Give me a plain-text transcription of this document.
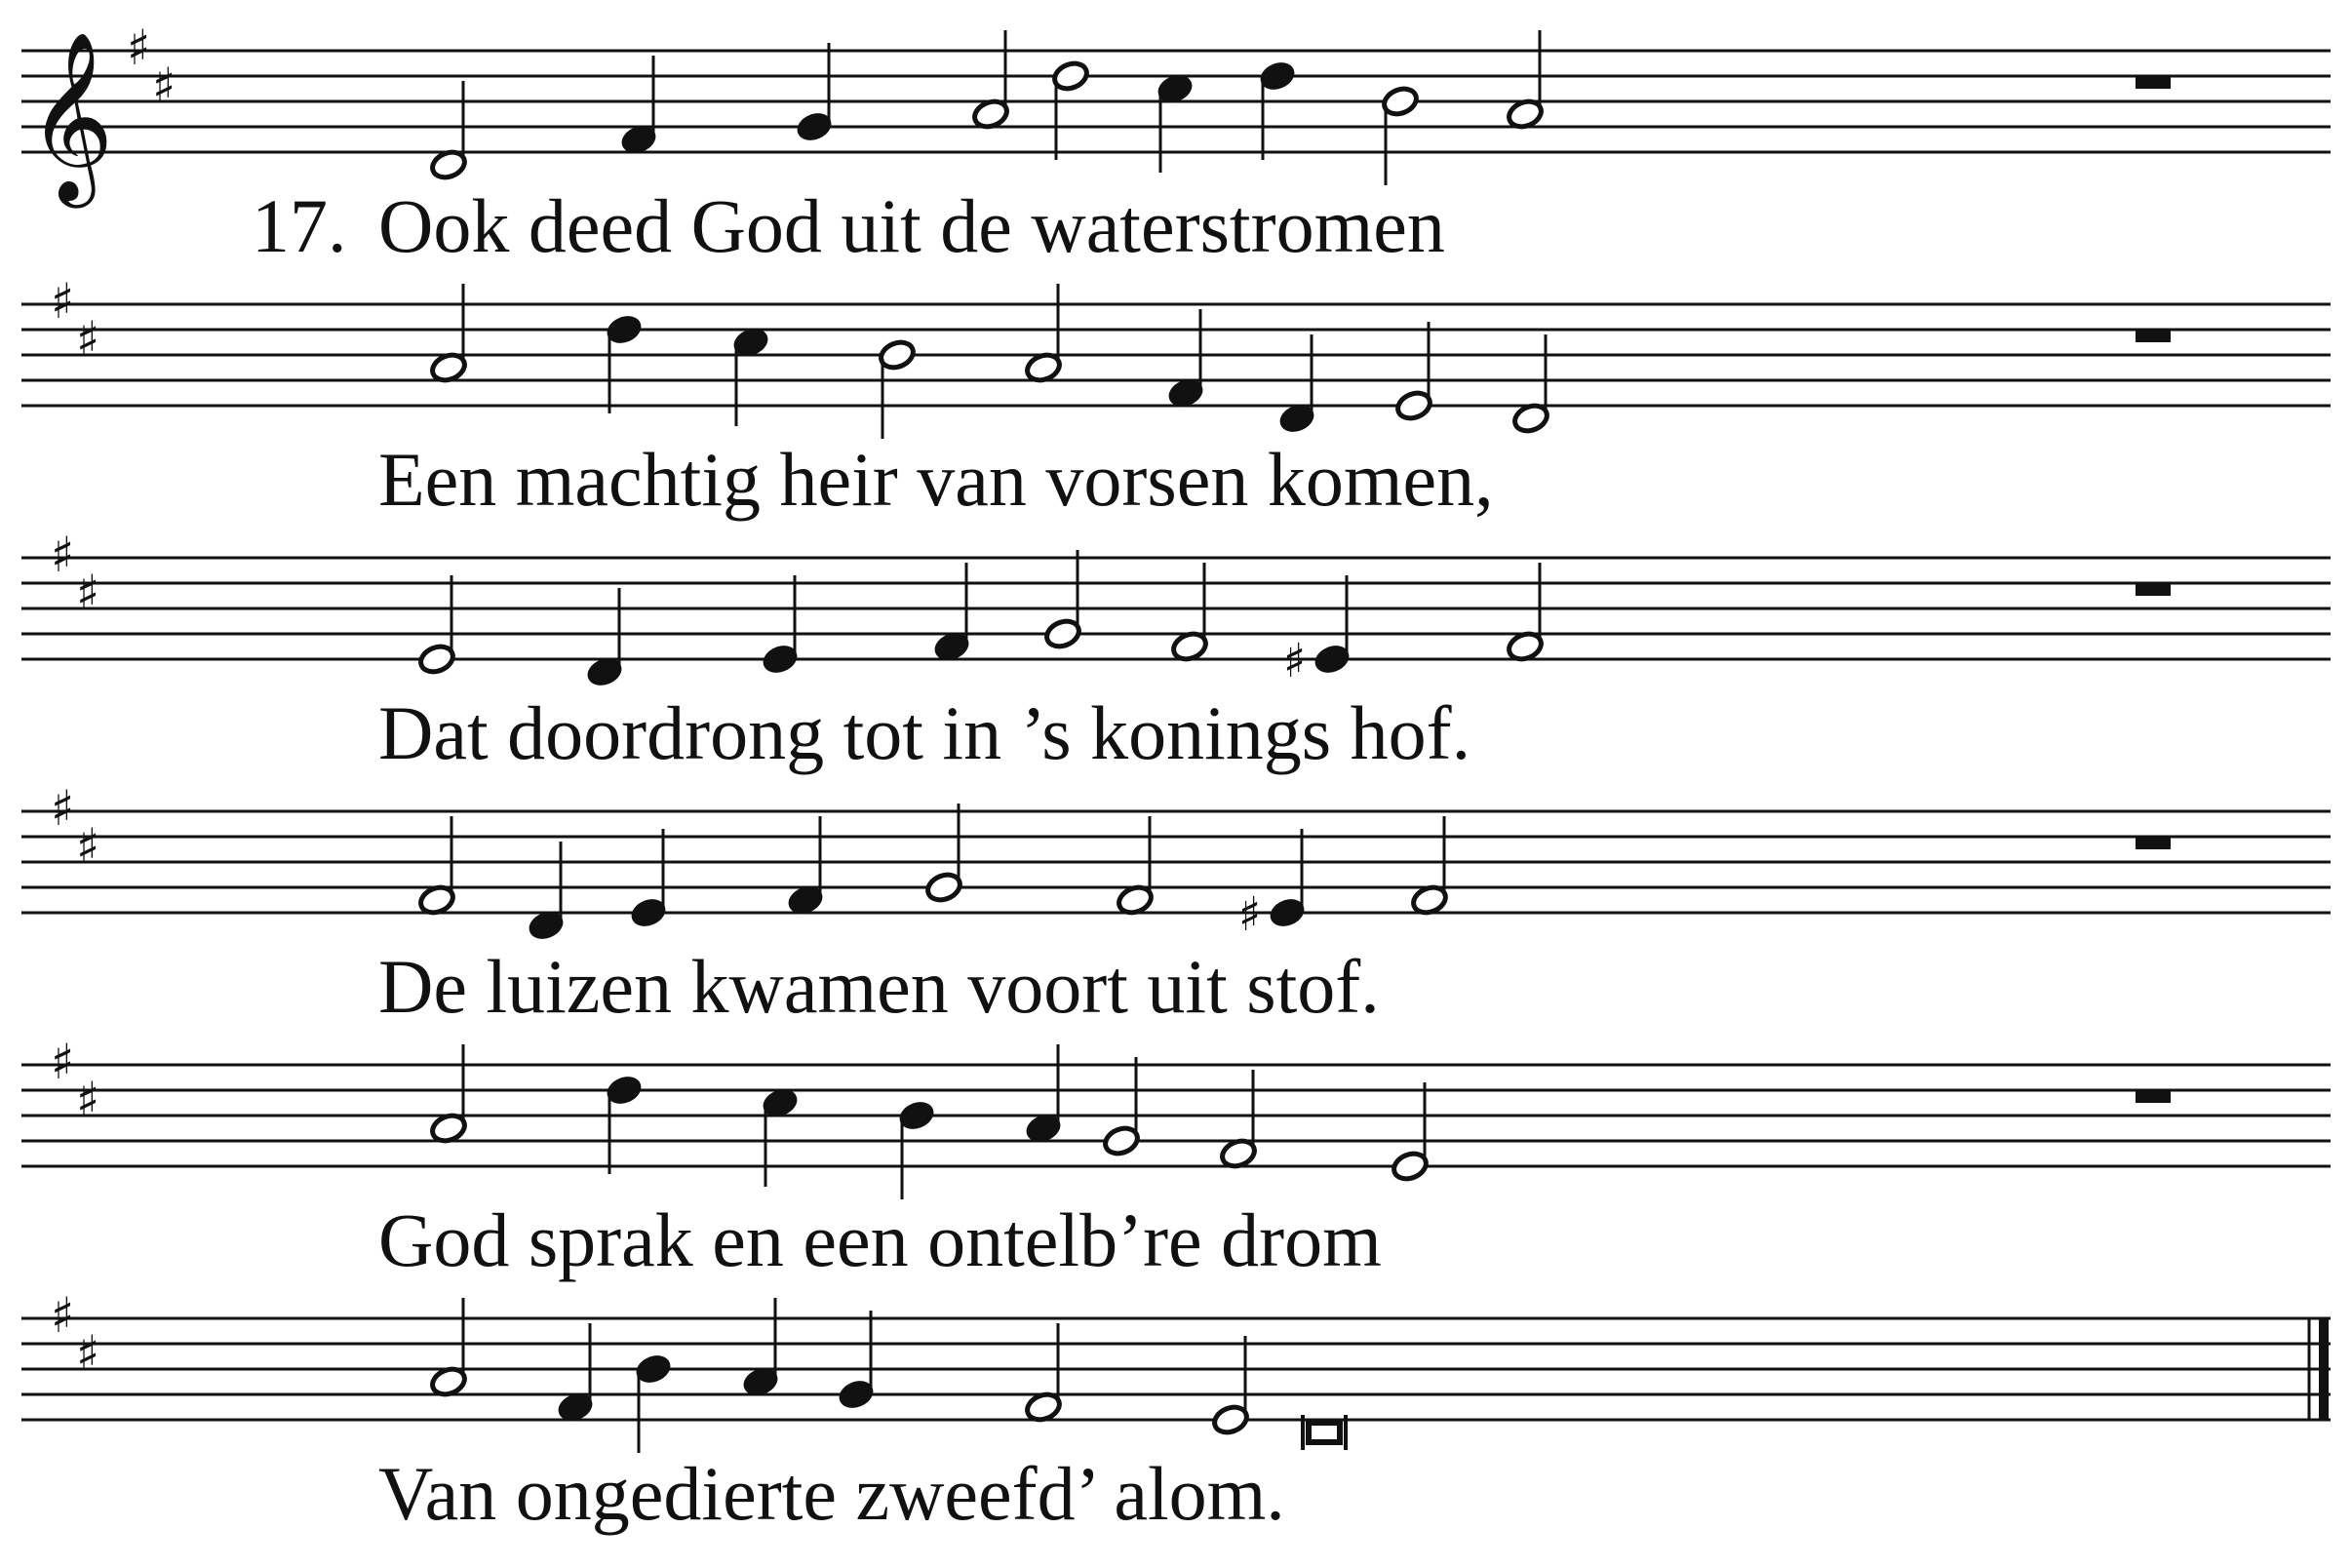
𝄞 ♯
♯
17. Ook deed God uit de waterstromen
♯
♯
Een machtig heir van vorsen komen,
♯
♯
♯
Dat doordrong tot in ’s konings hof.
♯
♯
♯
De luizen kwamen voort uit stof.
♯
♯
God sprak en een ontelb’re drom
♯
♯
Van ongedierte zweefd’ alom.
